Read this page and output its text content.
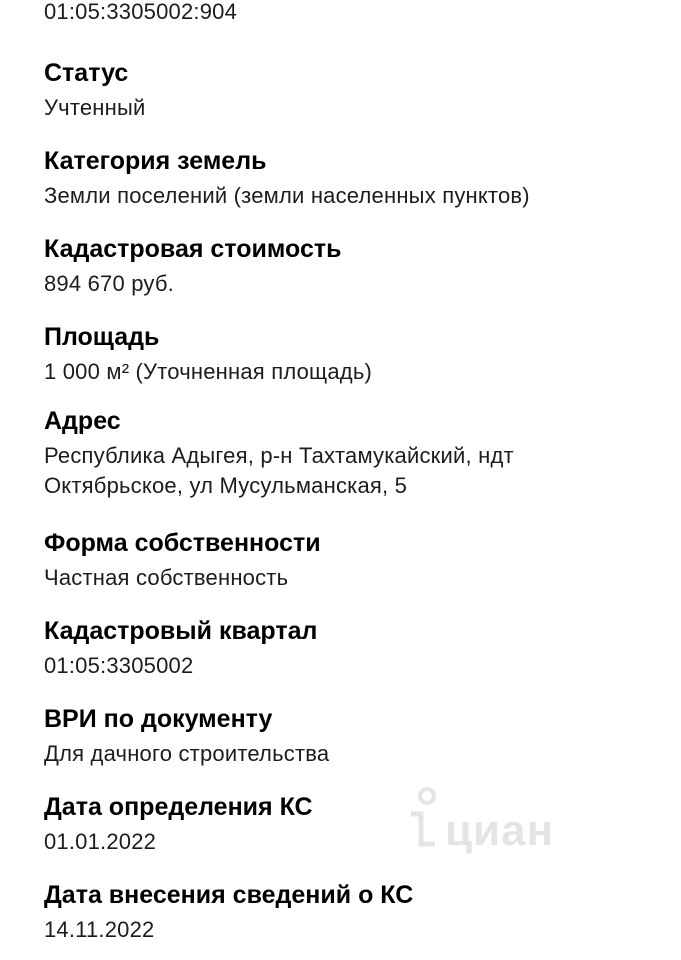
01:05:3305002:904
Статус
Учтенный
Категория земель
Земли поселений (земли населенных пунктов)
Кадастровая стоимость
894 670 руб.
Площадь
1 000 м² (Уточненная площадь)
Адрес
Республика Адыгея, р-н Тахтамукайский, ндт Октябрьское, ул Мусульманская, 5
Форма собственности
Частная собственность
Кадастровый квартал
01:05:3305002
ВРИ по документу
Для дачного строительства
Дата определения КС
01.01.2022
Дата внесения сведений о КС
14.11.2022
циан
